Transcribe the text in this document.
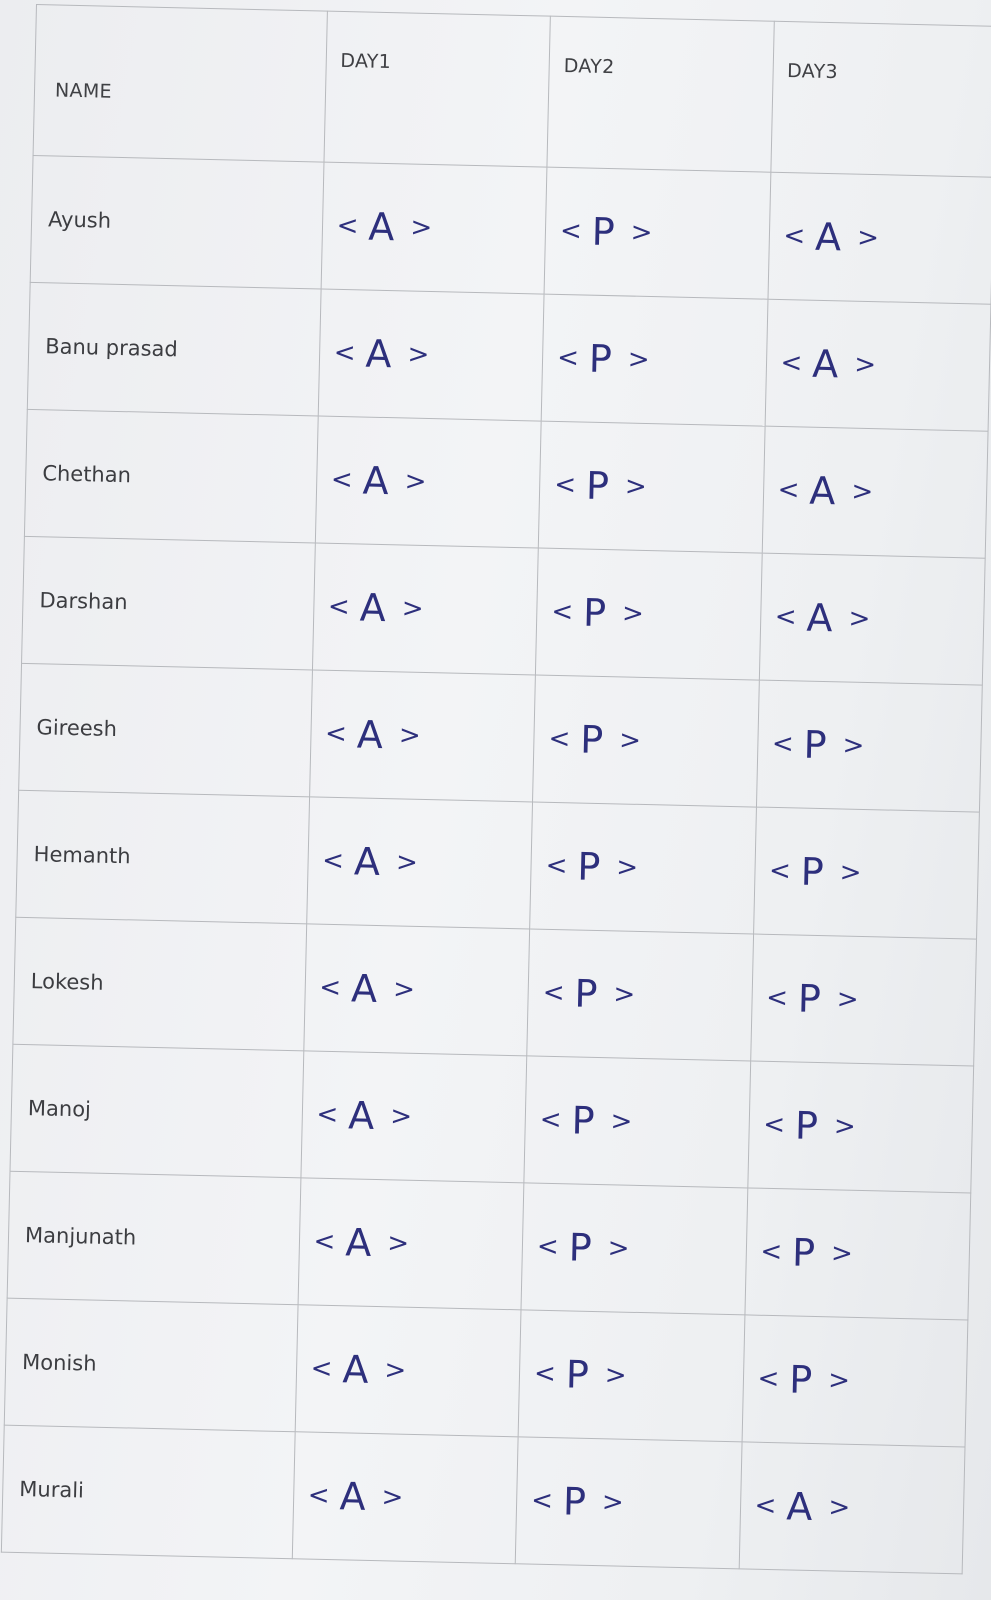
NAME	DAY1	DAY2	DAY3
Ayush	< A >	< P >	< A >
Banu prasad	< A >	< P >	< A >
Chethan	< A >	< P >	< A >
Darshan	< A >	< P >	< A >
Gireesh	< A >	< P >	< P >
Hemanth	< A >	< P >	< P >
Lokesh	< A >	< P >	< P >
Manoj	< A >	< P >	< P >
Manjunath	< A >	< P >	< P >
Monish	< A >	< P >	< P >
Murali	< A >	< P >	< A >
